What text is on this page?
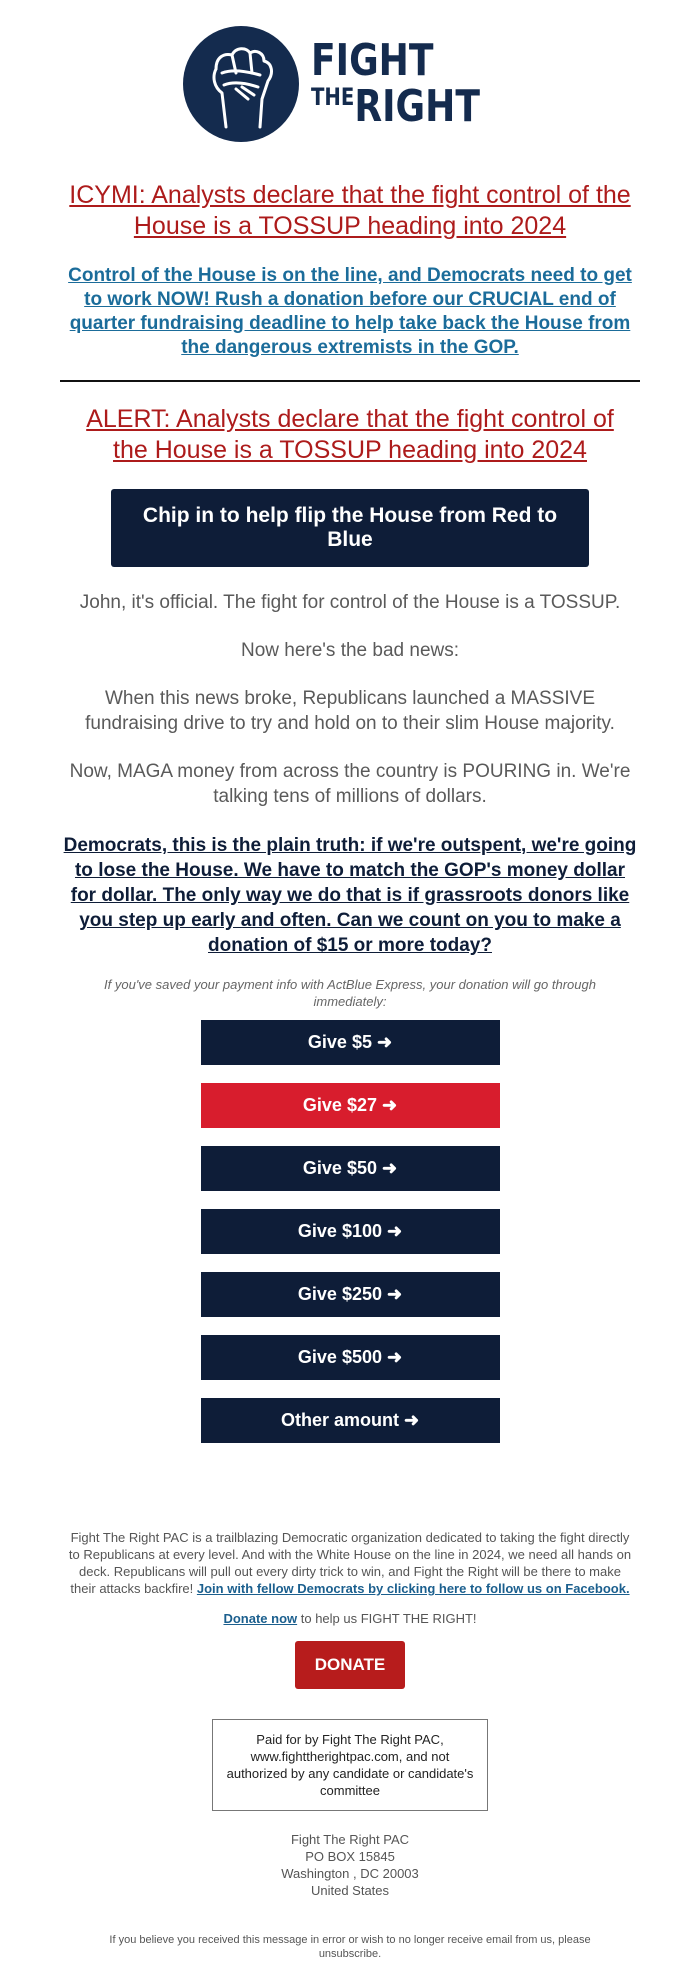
FIGHT
$^{THE}$RIGHT
ICYMI: Analysts declare that the fight control of the House is a TOSSUP heading into 2024
Control of the House is on the line, and Democrats need to get to work NOW! Rush a donation before our CRUCIAL end of quarter fundraising deadline to help take back the House from the dangerous extremists in the GOP.
ALERT: Analysts declare that the fight control of the House is a TOSSUP heading into 2024
Chip in to help flip the House from Red to Blue
John, it's official. The fight for control of the House is a TOSSUP.
Now here's the bad news:
When this news broke, Republicans launched a MASSIVE fundraising drive to try and hold on to their slim House majority.
Now, MAGA money from across the country is POURING in. We're talking tens of millions of dollars.
Democrats, this is the plain truth: if we're outspent, we're going to lose the House. We have to match the GOP's money dollar for dollar. The only way we do that is if grassroots donors like you step up early and often. Can we count on you to make a donation of $15 or more today?
If you've saved your payment info with ActBlue Express, your donation will go through immediately:
Give $5 ➜
Give $27 ➜
Give $50 ➜
Give $100 ➜
Give $250 ➜
Give $500 ➜
Other amount ➜
Fight The Right PAC is a trailblazing Democratic organization dedicated to taking the fight directly to Republicans at every level. And with the White House on the line in 2024, we need all hands on deck. Republicans will pull out every dirty trick to win, and Fight the Right will be there to make their attacks backfire! Join with fellow Democrats by clicking here to follow us on Facebook.
Donate now to help us FIGHT THE RIGHT!
DONATE
Paid for by Fight The Right PAC, www.fighttherightpac.com, and not authorized by any candidate or candidate's committee
Fight The Right PAC
PO BOX 15845
Washington , DC 20003
United States
If you believe you received this message in error or wish to no longer receive email from us, please unsubscribe.
